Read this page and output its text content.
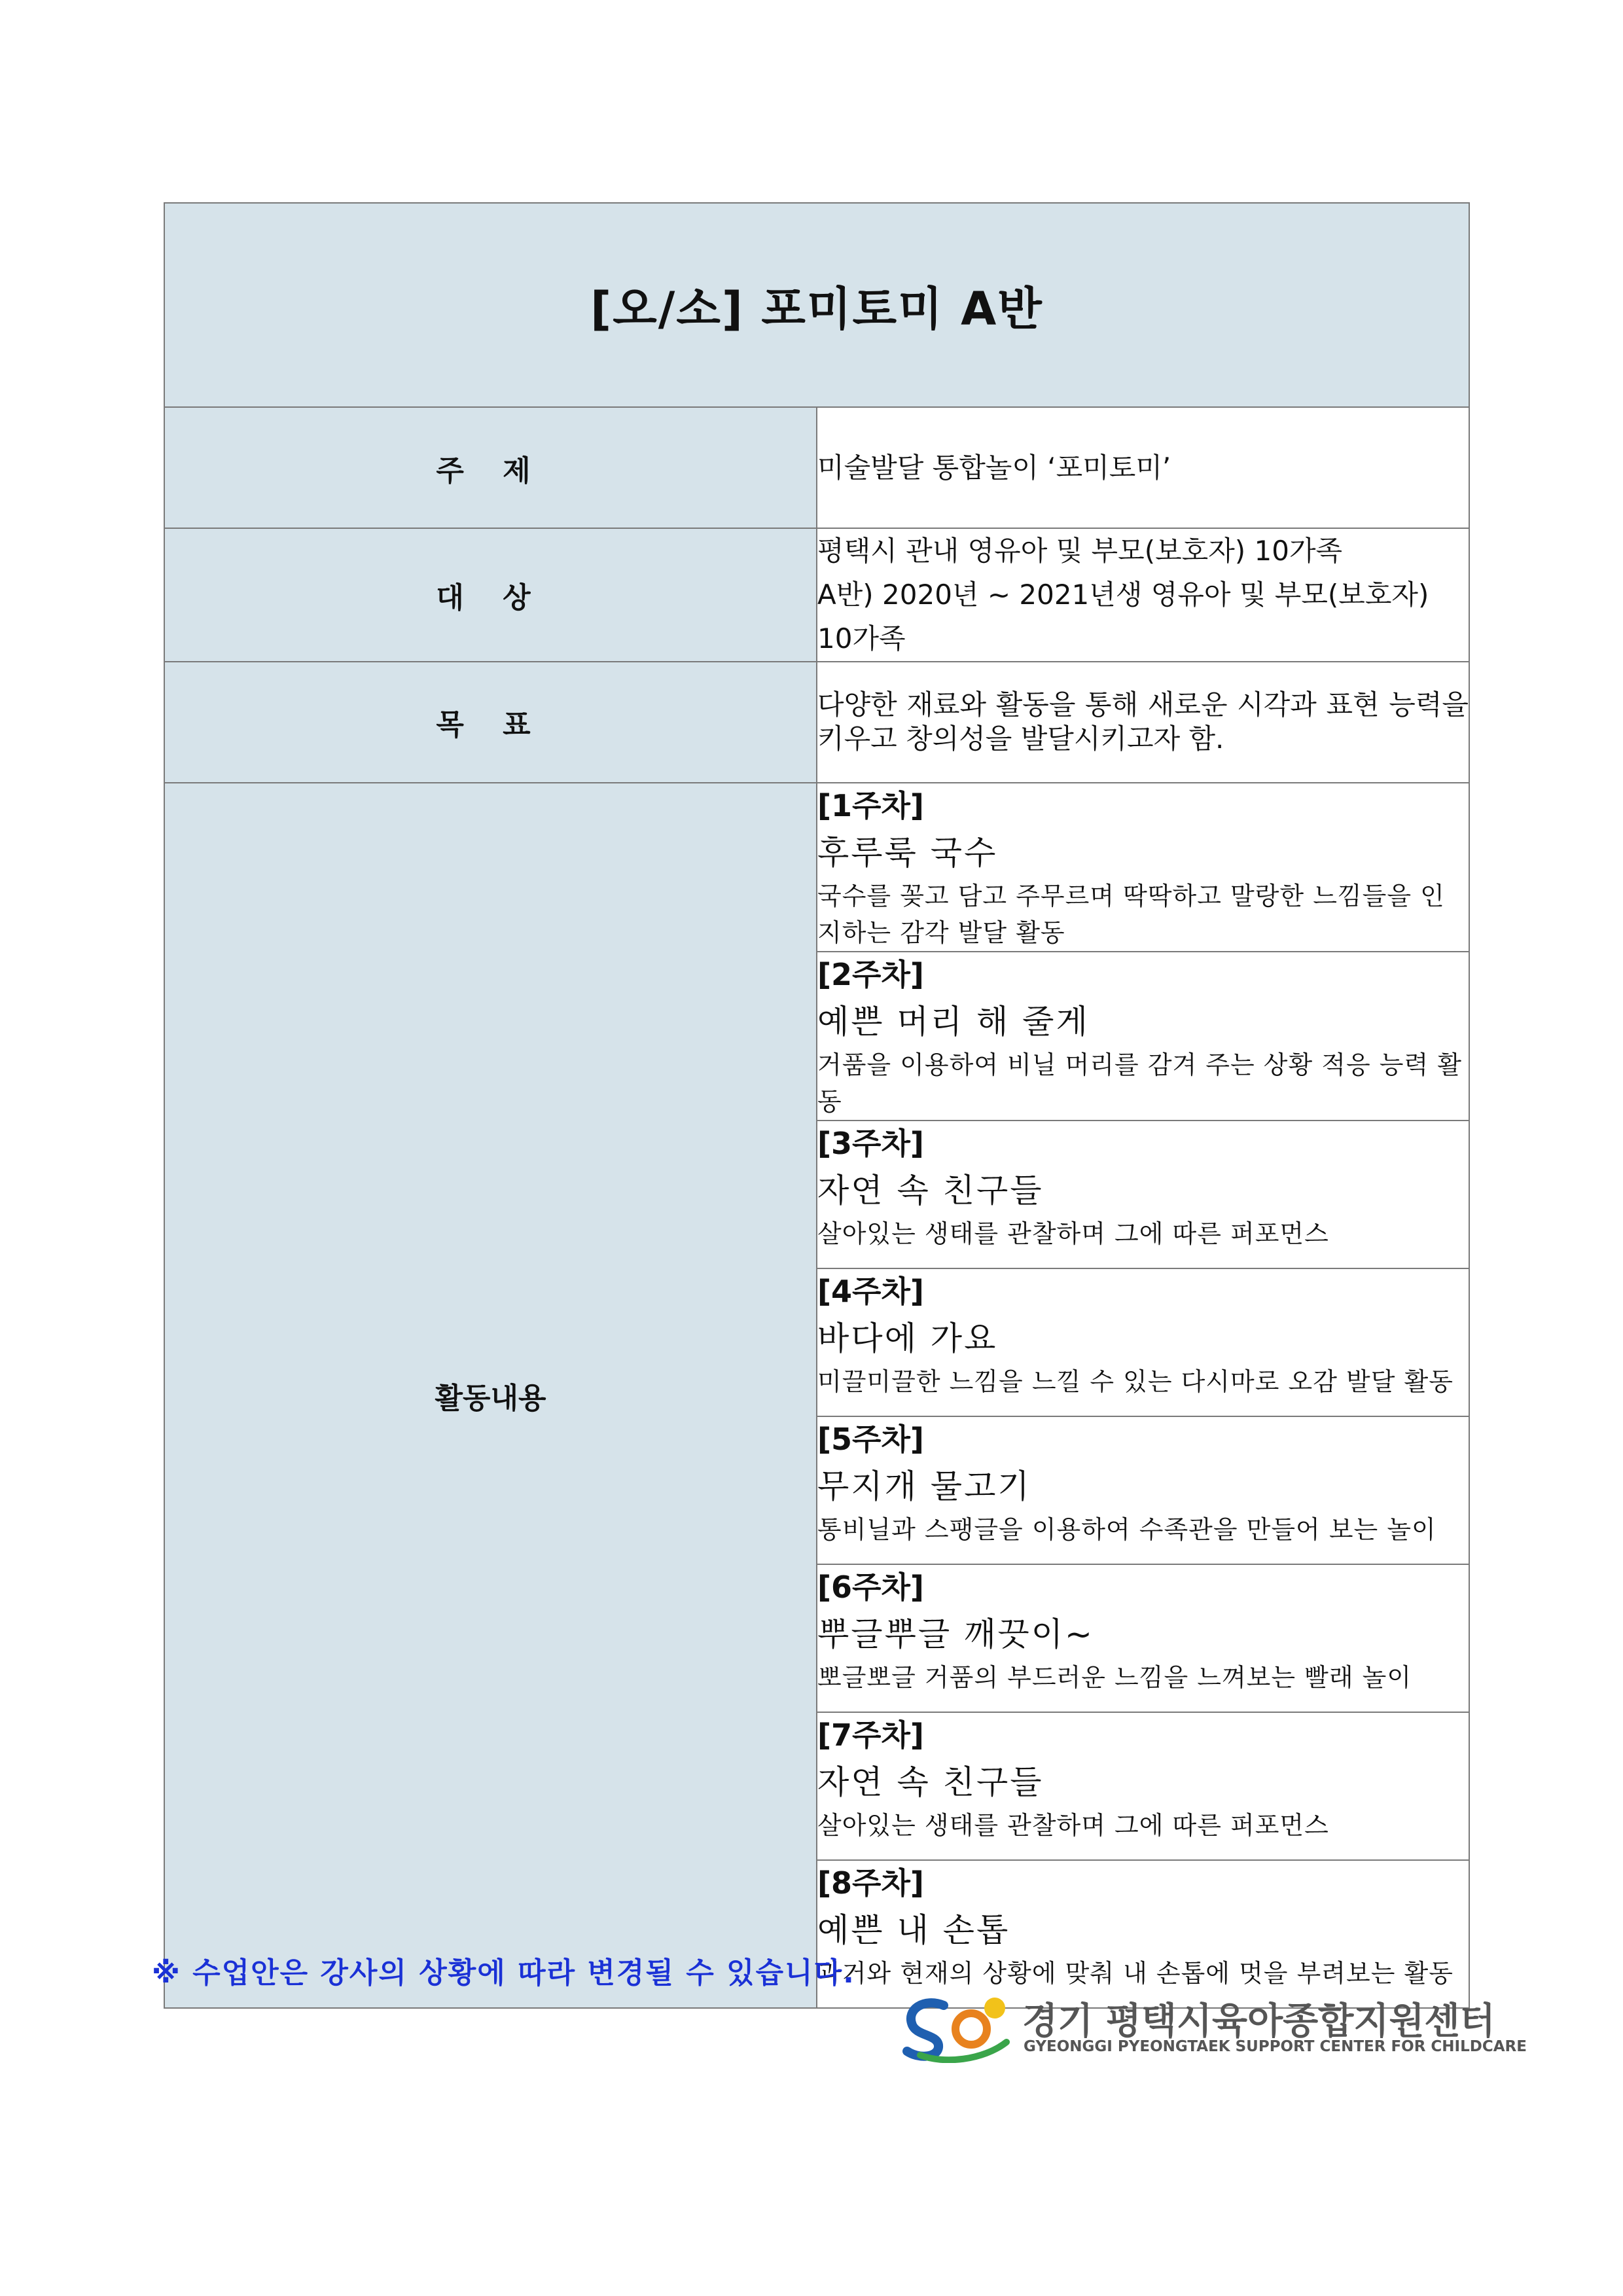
[오/소] 포미토미 A반	
주 제	미술발달 통합놀이 ‘포미토미’
대 상	평택시 관내 영유아 및 부모(보호자) 10가족
A반) 2020년 ~ 2021년생 영유아 및 부모(보호자) 10가족

목 표	다양한 재료와 활동을 통해 새로운 시각과 표현 능력을 키우고 창의성을 발달시키고자 함.
활동내용	[1주차]
후루룩 국수
국수를 꽂고 담고 주무르며 딱딱하고 말랑한 느낌들을 인지하는 감각 발달 활동

	[2주차]
예쁜 머리 해 줄게
거품을 이용하여 비닐 머리를 감겨 주는 상황 적응 능력 활동

	[3주차]
자연 속 친구들
살아있는 생태를 관찰하며 그에 따른 퍼포먼스

	[4주차]
바다에 가요
미끌미끌한 느낌을 느낄 수 있는 다시마로 오감 발달 활동

	[5주차]
무지개 물고기
통비닐과 스팽글을 이용하여 수족관을 만들어 보는 놀이

	[6주차]
뿌글뿌글 깨끗이~
뽀글뽀글 거품의 부드러운 느낌을 느껴보는 빨래 놀이

	[7주차]
자연 속 친구들
살아있는 생태를 관찰하며 그에 따른 퍼포먼스

	[8주차]
예쁜 내 손톱
과거와 현재의 상황에 맞춰 내 손톱에 멋을 부려보는 활동
※ 수업안은 강사의 상황에 따라 변경될 수 있습니다.
경기 평택시육아종합지원센터
GYEONGGI PYEONGTAEK SUPPORT CENTER FOR CHILDCARE
